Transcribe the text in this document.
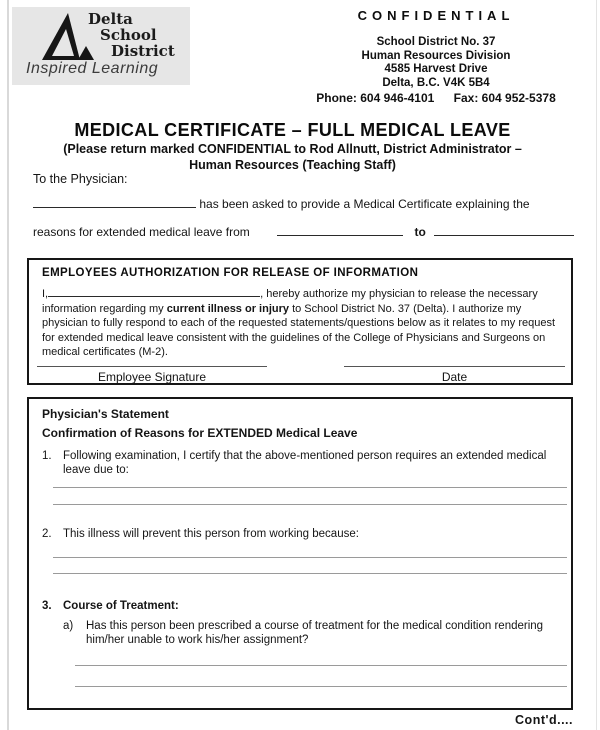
Delta
School
District
Inspired Learning
CONFIDENTIAL
School District No. 37
Human Resources Division
4585 Harvest Drive
Delta, B.C. V4K 5B4
Phone: 604 946-4101 Fax: 604 952-5378
MEDICAL CERTIFICATE – FULL MEDICAL LEAVE
(Please return marked CONFIDENTIAL to Rod Allnutt, District Administrator –
Human Resources (Teaching Staff)
To the Physician:
has been asked to provide a Medical Certificate explaining the
reasons for extended medical leave from	to
EMPLOYEES AUTHORIZATION FOR RELEASE OF INFORMATION
I,	, hereby authorize my physician to release the necessary information regarding my current illness or injury to School District No. 37 (Delta). I authorize my physician to fully respond to each of the requested statements/questions below as it relates to my request for extended medical leave consistent with the guidelines of the College of Physicians and Surgeons on medical certificates (M-2).
Employee Signature	Date
Physician's Statement
Confirmation of Reasons for EXTENDED Medical Leave
1. Following examination, I certify that the above-mentioned person requires an extended medical leave due to:
2. This illness will prevent this person from working because:
3. Course of Treatment:
a)	Has this person been prescribed a course of treatment for the medical condition rendering him/her unable to work his/her assignment?
Cont'd....
